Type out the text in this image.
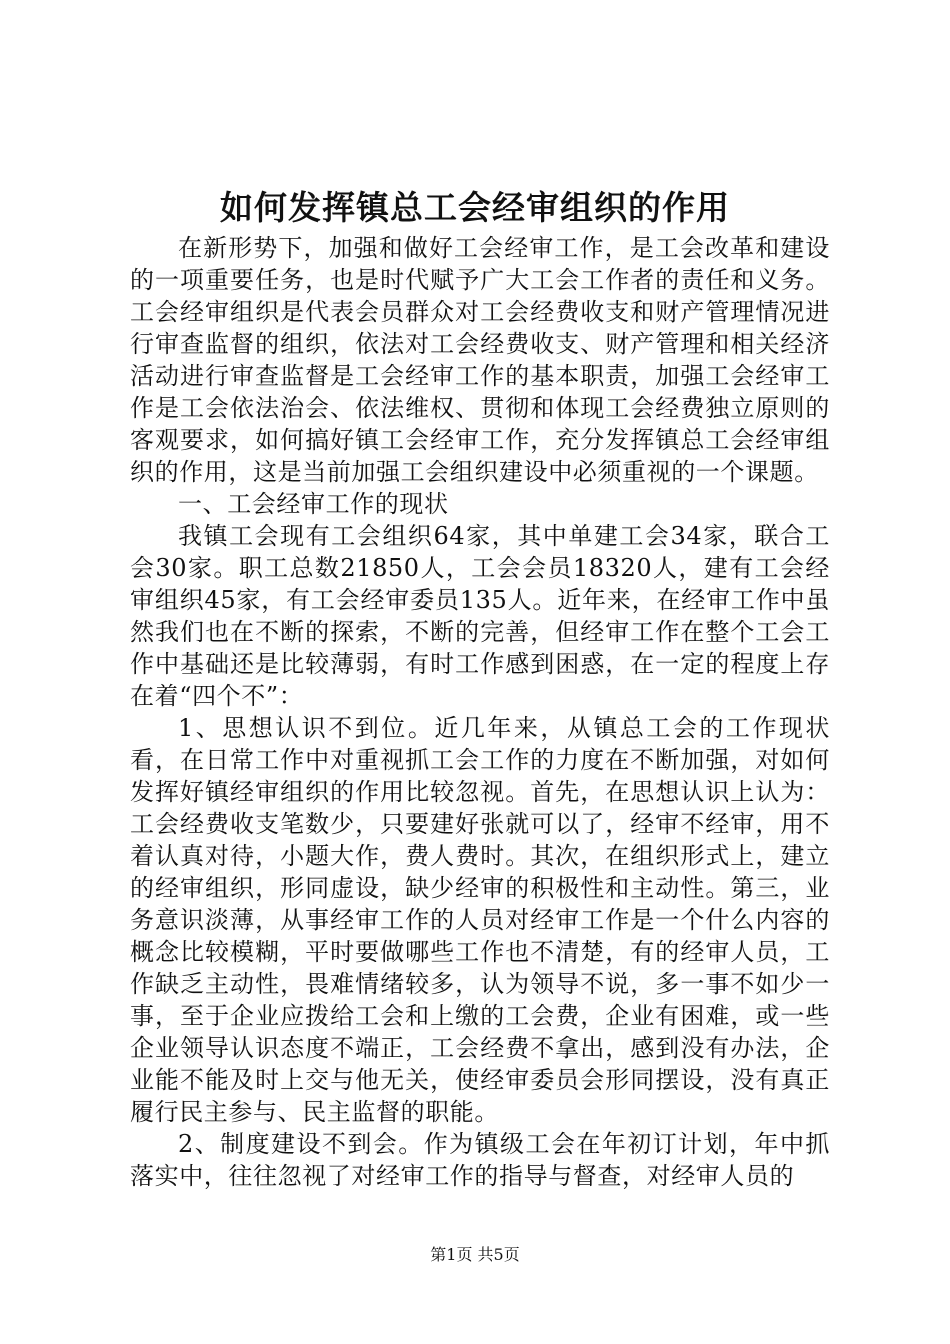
如何发挥镇总工会经审组织的作用

在新形势下，加强和做好工会经审工作，是工会改革和建设的一项重要任务，也是时代赋予广大工会工作者的责任和义务。工会经审组织是代表会员群众对工会经费收支和财产管理情况进行审查监督的组织，依法对工会经费收支、财产管理和相关经济活动进行审查监督是工会经审工作的基本职责，加强工会经审工作是工会依法治会、依法维权、贯彻和体现工会经费独立原则的客观要求，如何搞好镇工会经审工作，充分发挥镇总工会经审组织的作用，这是当前加强工会组织建设中必须重视的一个课题。

一、工会经审工作的现状

我镇工会现有工会组织64家，其中单建工会34家，联合工会30家。职工总数21850人，工会会员18320人，建有工会经审组织45家，有工会经审委员135人。近年来，在经审工作中虽然我们也在不断的探索，不断的完善，但经审工作在整个工会工作中基础还是比较薄弱，有时工作感到困惑，在一定的程度上存在着“四个不”：

1、思想认识不到位。近几年来，从镇总工会的工作现状看，在日常工作中对重视抓工会工作的力度在不断加强，对如何发挥好镇经审组织的作用比较忽视。首先，在思想认识上认为：工会经费收支笔数少，只要建好张就可以了，经审不经审，用不着认真对待，小题大作，费人费时。其次，在组织形式上，建立的经审组织，形同虚设，缺少经审的积极性和主动性。第三，业务意识淡薄，从事经审工作的人员对经审工作是一个什么内容的概念比较模糊，平时要做哪些工作也不清楚，有的经审人员，工作缺乏主动性，畏难情绪较多，认为领导不说，多一事不如少一事，至于企业应拨给工会和上缴的工会费，企业有困难，或一些企业领导认识态度不端正，工会经费不拿出，感到没有办法，企业能不能及时上交与他无关，使经审委员会形同摆设，没有真正履行民主参与、民主监督的职能。

2、制度建设不到会。作为镇级工会在年初订计划，年中抓落实中，往往忽视了对经审工作的指导与督查，对经审人员的

第1页 共5页
